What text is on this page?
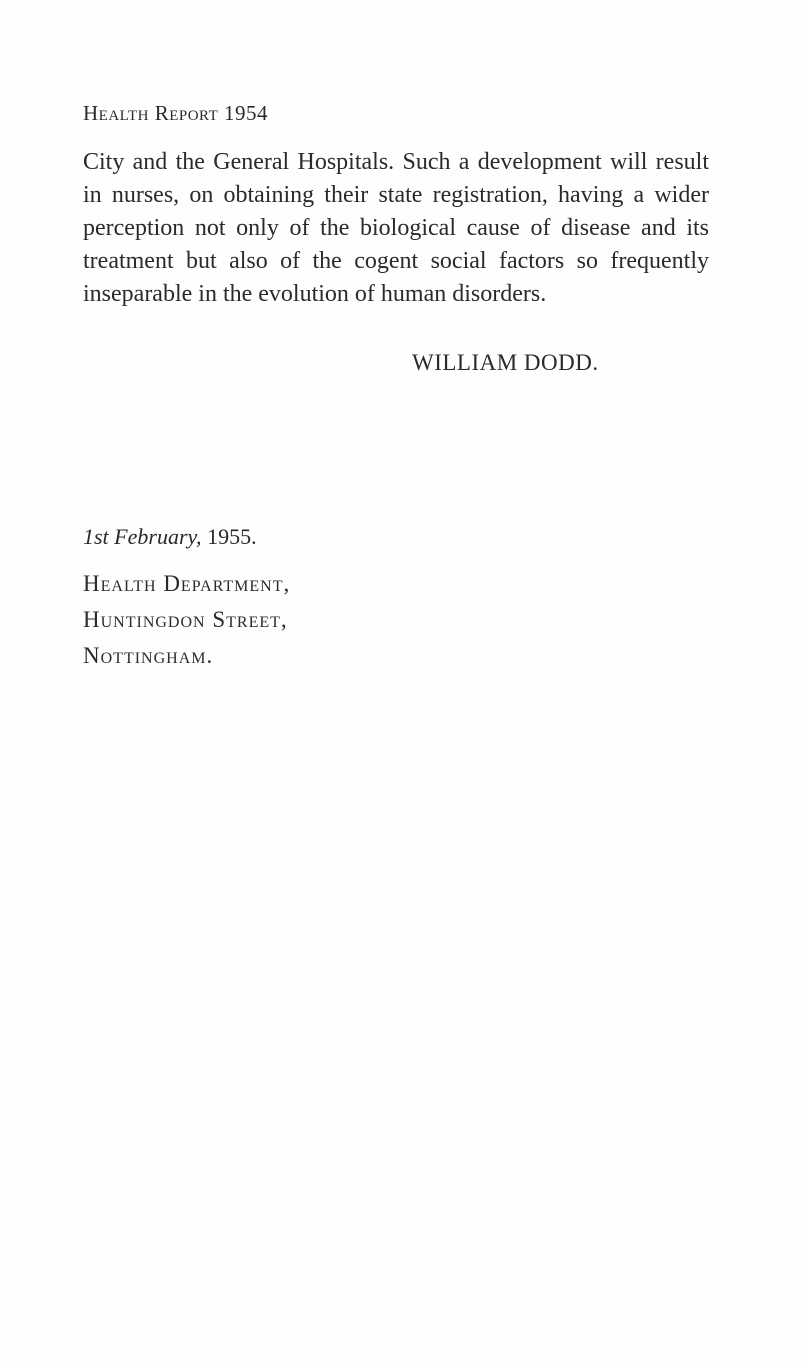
Health Report 1954

City and the General Hospitals. Such a development will result in nurses, on obtaining their state registration, having a wider perception not only of the biological cause of disease and its treatment but also of the cogent social factors so frequently inseparable in the evolution of human disorders.

WILLIAM DODD.
1st February, 1955.
Health Department,
Huntingdon Street,
Nottingham.
